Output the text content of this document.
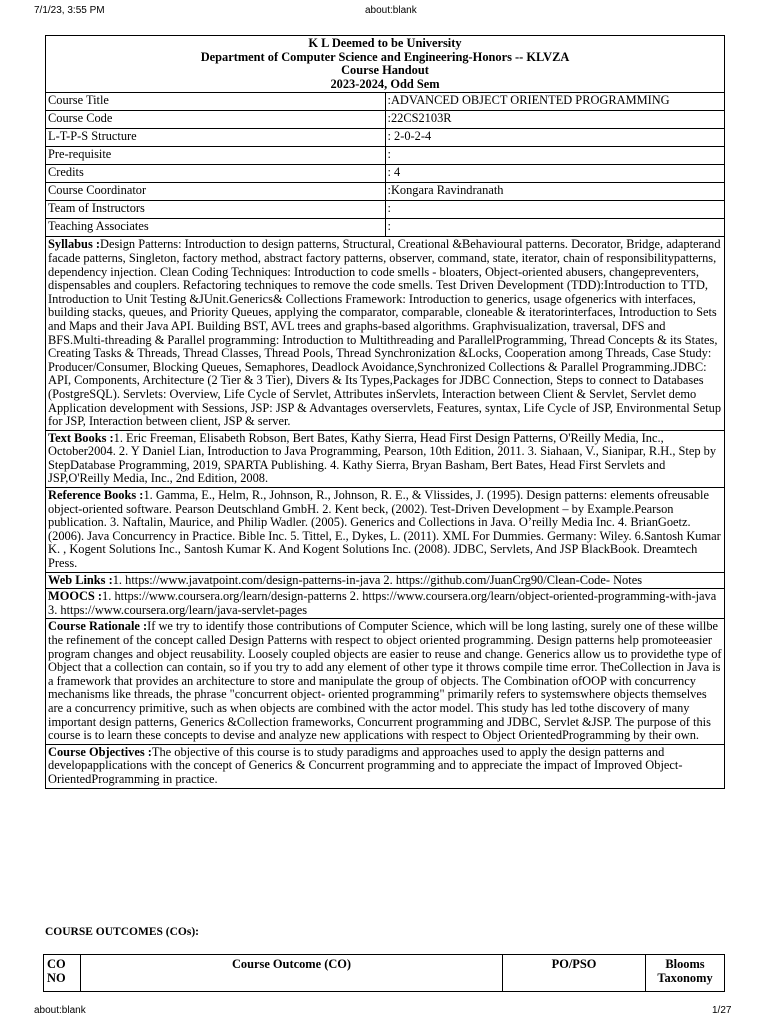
7/1/23, 3:55 PM	about:blank
K L Deemed to be University
Department of Computer Science and Engineering-Honors -- KLVZA
Course Handout
2023-2024, Odd Sem	

Course Title	:ADVANCED OBJECT ORIENTED PROGRAMMING
Course Code	:22CS2103R
L-T-P-S Structure	: 2-0-2-4
Pre-requisite	:
Credits	: 4
Course Coordinator	:Kongara Ravindranath
Team of Instructors	:
Teaching Associates	:
Syllabus :Design Patterns: Introduction to design patterns, Structural, Creational &Behavioural patterns. Decorator, Bridge, adapterand facade patterns, Singleton, factory method, abstract factory patterns, observer, command, state, iterator, chain of responsibilitypatterns, dependency injection. Clean Coding Techniques: Introduction to code smells - bloaters, Object-oriented abusers, changepreventers, dispensables and couplers. Refactoring techniques to remove the code smells. Test Driven Development (TDD):Introduction to TTD, Introduction to Unit Testing &JUnit.Generics& Collections Framework: Introduction to generics, usage ofgenerics with interfaces, building stacks, queues, and Priority Queues, applying the comparator, comparable, cloneable & iteratorinterfaces, Introduction to Sets and Maps and their Java API. Building BST, AVL trees and graphs-based algorithms. Graphvisualization, traversal, DFS and BFS.Multi-threading & Parallel programming: Introduction to Multithreading and ParallelProgramming, Thread Concepts & its States, Creating Tasks & Threads, Thread Classes, Thread Pools, Thread Synchronization &Locks, Cooperation among Threads, Case Study: Producer/Consumer, Blocking Queues, Semaphores, Deadlock Avoidance,Synchronized Collections & Parallel Programming.JDBC: API, Components, Architecture (2 Tier & 3 Tier), Divers & Its Types,Packages for JDBC Connection, Steps to connect to Databases (PostgreSQL). Servlets: Overview, Life Cycle of Servlet, Attributes inServlets, Interaction between Client & Servlet, Servlet demo Application development with Sessions, JSP: JSP & Advantages overservlets, Features, syntax, Life Cycle of JSP, Environmental Setup for JSP, Interaction between client, JSP & server.	
Text Books :1. Eric Freeman, Elisabeth Robson, Bert Bates, Kathy Sierra, Head First Design Patterns, O'Reilly Media, Inc., October2004. 2. Y Daniel Lian, Introduction to Java Programming, Pearson, 10th Edition, 2011. 3. Siahaan, V., Sianipar, R.H., Step by StepDatabase Programming, 2019, SPARTA Publishing. 4. Kathy Sierra, Bryan Basham, Bert Bates, Head First Servlets and JSP,O'Reilly Media, Inc., 2nd Edition, 2008.	
Reference Books :1. Gamma, E., Helm, R., Johnson, R., Johnson, R. E., & Vlissides, J. (1995). Design patterns: elements ofreusable object-oriented software. Pearson Deutschland GmbH. 2. Kent beck, (2002). Test-Driven Development – by Example.Pearson publication. 3. Naftalin, Maurice, and Philip Wadler. (2005). Generics and Collections in Java. O’reilly Media Inc. 4. BrianGoetz. (2006). Java Concurrency in Practice. Bible Inc. 5. Tittel, E., Dykes, L. (2011). XML For Dummies. Germany: Wiley. 6.Santosh Kumar K. , Kogent Solutions Inc., Santosh Kumar K. And Kogent Solutions Inc. (2008). JDBC, Servlets, And JSP BlackBook. Dreamtech Press.	
Web Links :1. https://www.javatpoint.com/design-patterns-in-java 2. https://github.com/JuanCrg90/Clean-Code- Notes	
MOOCS :1. https://www.coursera.org/learn/design-patterns 2. https://www.coursera.org/learn/object-oriented-programming-with-java 3. https://www.coursera.org/learn/java-servlet-pages	
Course Rationale :If we try to identify those contributions of Computer Science, which will be long lasting, surely one of these willbe the refinement of the concept called Design Patterns with respect to object oriented programming. Design patterns help promoteeasier program changes and object reusability. Loosely coupled objects are easier to reuse and change. Generics allow us to providethe type of Object that a collection can contain, so if you try to add any element of other type it throws compile time error. TheCollection in Java is a framework that provides an architecture to store and manipulate the group of objects. The Combination ofOOP with concurrency mechanisms like threads, the phrase "concurrent object- oriented programming" primarily refers to systemswhere objects themselves are a concurrency primitive, such as when objects are combined with the actor model. This study has led tothe discovery of many important design patterns, Generics &Collection frameworks, Concurrent programming and JDBC, Servlet &JSP. The purpose of this course is to learn these concepts to devise and analyze new applications with respect to Object OrientedProgramming by their own.	
Course Objectives :The objective of this course is to study paradigms and approaches used to apply the design patterns and developapplications with the concept of Generics & Concurrent programming and to appreciate the impact of Improved Object-OrientedProgramming in practice.	
COURSE OUTCOMES (COs):
CO NO	Course Outcome (CO)	PO/PSO	Blooms Taxonomy
about:blank	1/27
